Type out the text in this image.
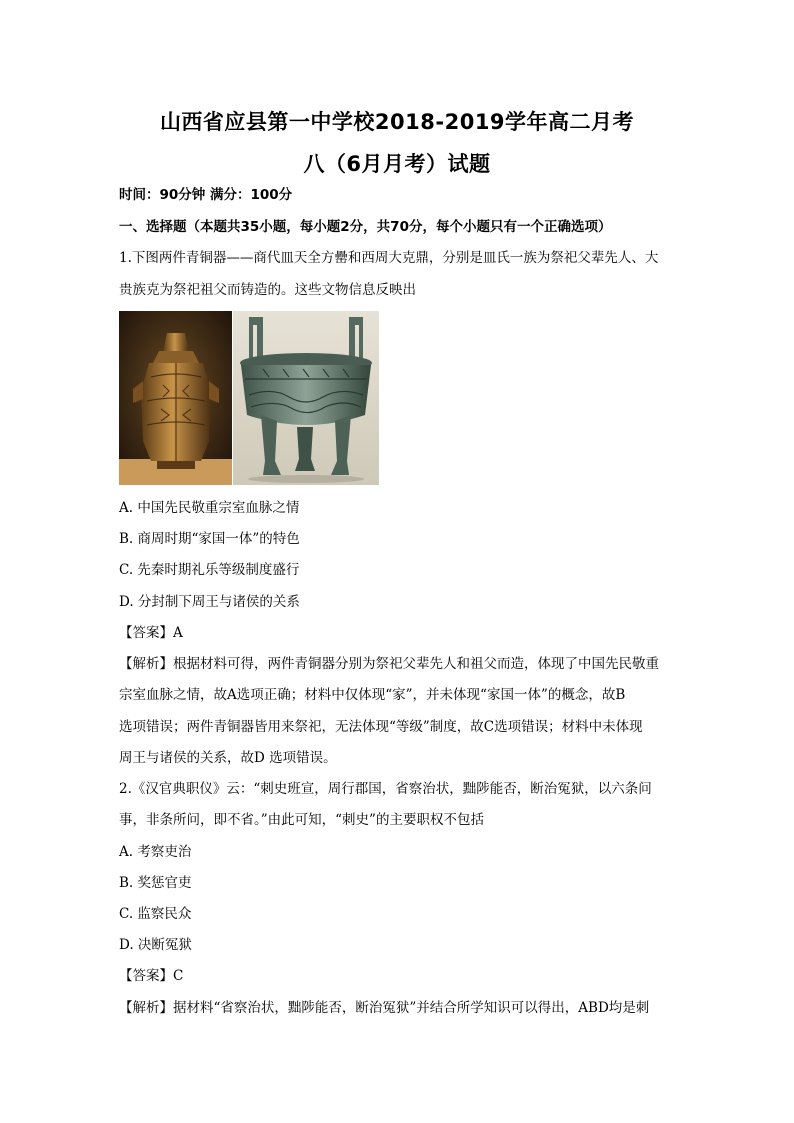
山西省应县第一中学校2018-2019学年高二月考
八（6月月考）试题
时间：90分钟 满分：100分
一、选择题（本题共35小题，每小题2分，共70分，每个小题只有一个正确选项）
1.下图两件青铜器——商代皿天全方罍和西周大克鼎，分别是皿氏一族为祭祀父辈先人、大
贵族克为祭祀祖父而铸造的。这些文物信息反映出
A. 中国先民敬重宗室血脉之情
B. 商周时期“家国一体”的特色
C. 先秦时期礼乐等级制度盛行
D. 分封制下周王与诸侯的关系
【答案】A
【解析】根据材料可得，两件青铜器分别为祭祀父辈先人和祖父而造，体现了中国先民敬重
宗室血脉之情，故A选项正确；材料中仅体现“家”，并未体现“家国一体”的概念，故B
选项错误；两件青铜器皆用来祭祀，无法体现“等级”制度，故C选项错误；材料中未体现
周王与诸侯的关系，故D 选项错误。
2.《汉官典职仪》云：“刺史班宣，周行郡国，省察治状，黜陟能否，断治冤狱，以六条问
事，非条所问，即不省。”由此可知，“刺史”的主要职权不包括
A. 考察吏治
B. 奖惩官吏
C. 监察民众
D. 决断冤狱
【答案】C
【解析】据材料“省察治状，黜陟能否，断治冤狱”并结合所学知识可以得出，ABD均是刺
